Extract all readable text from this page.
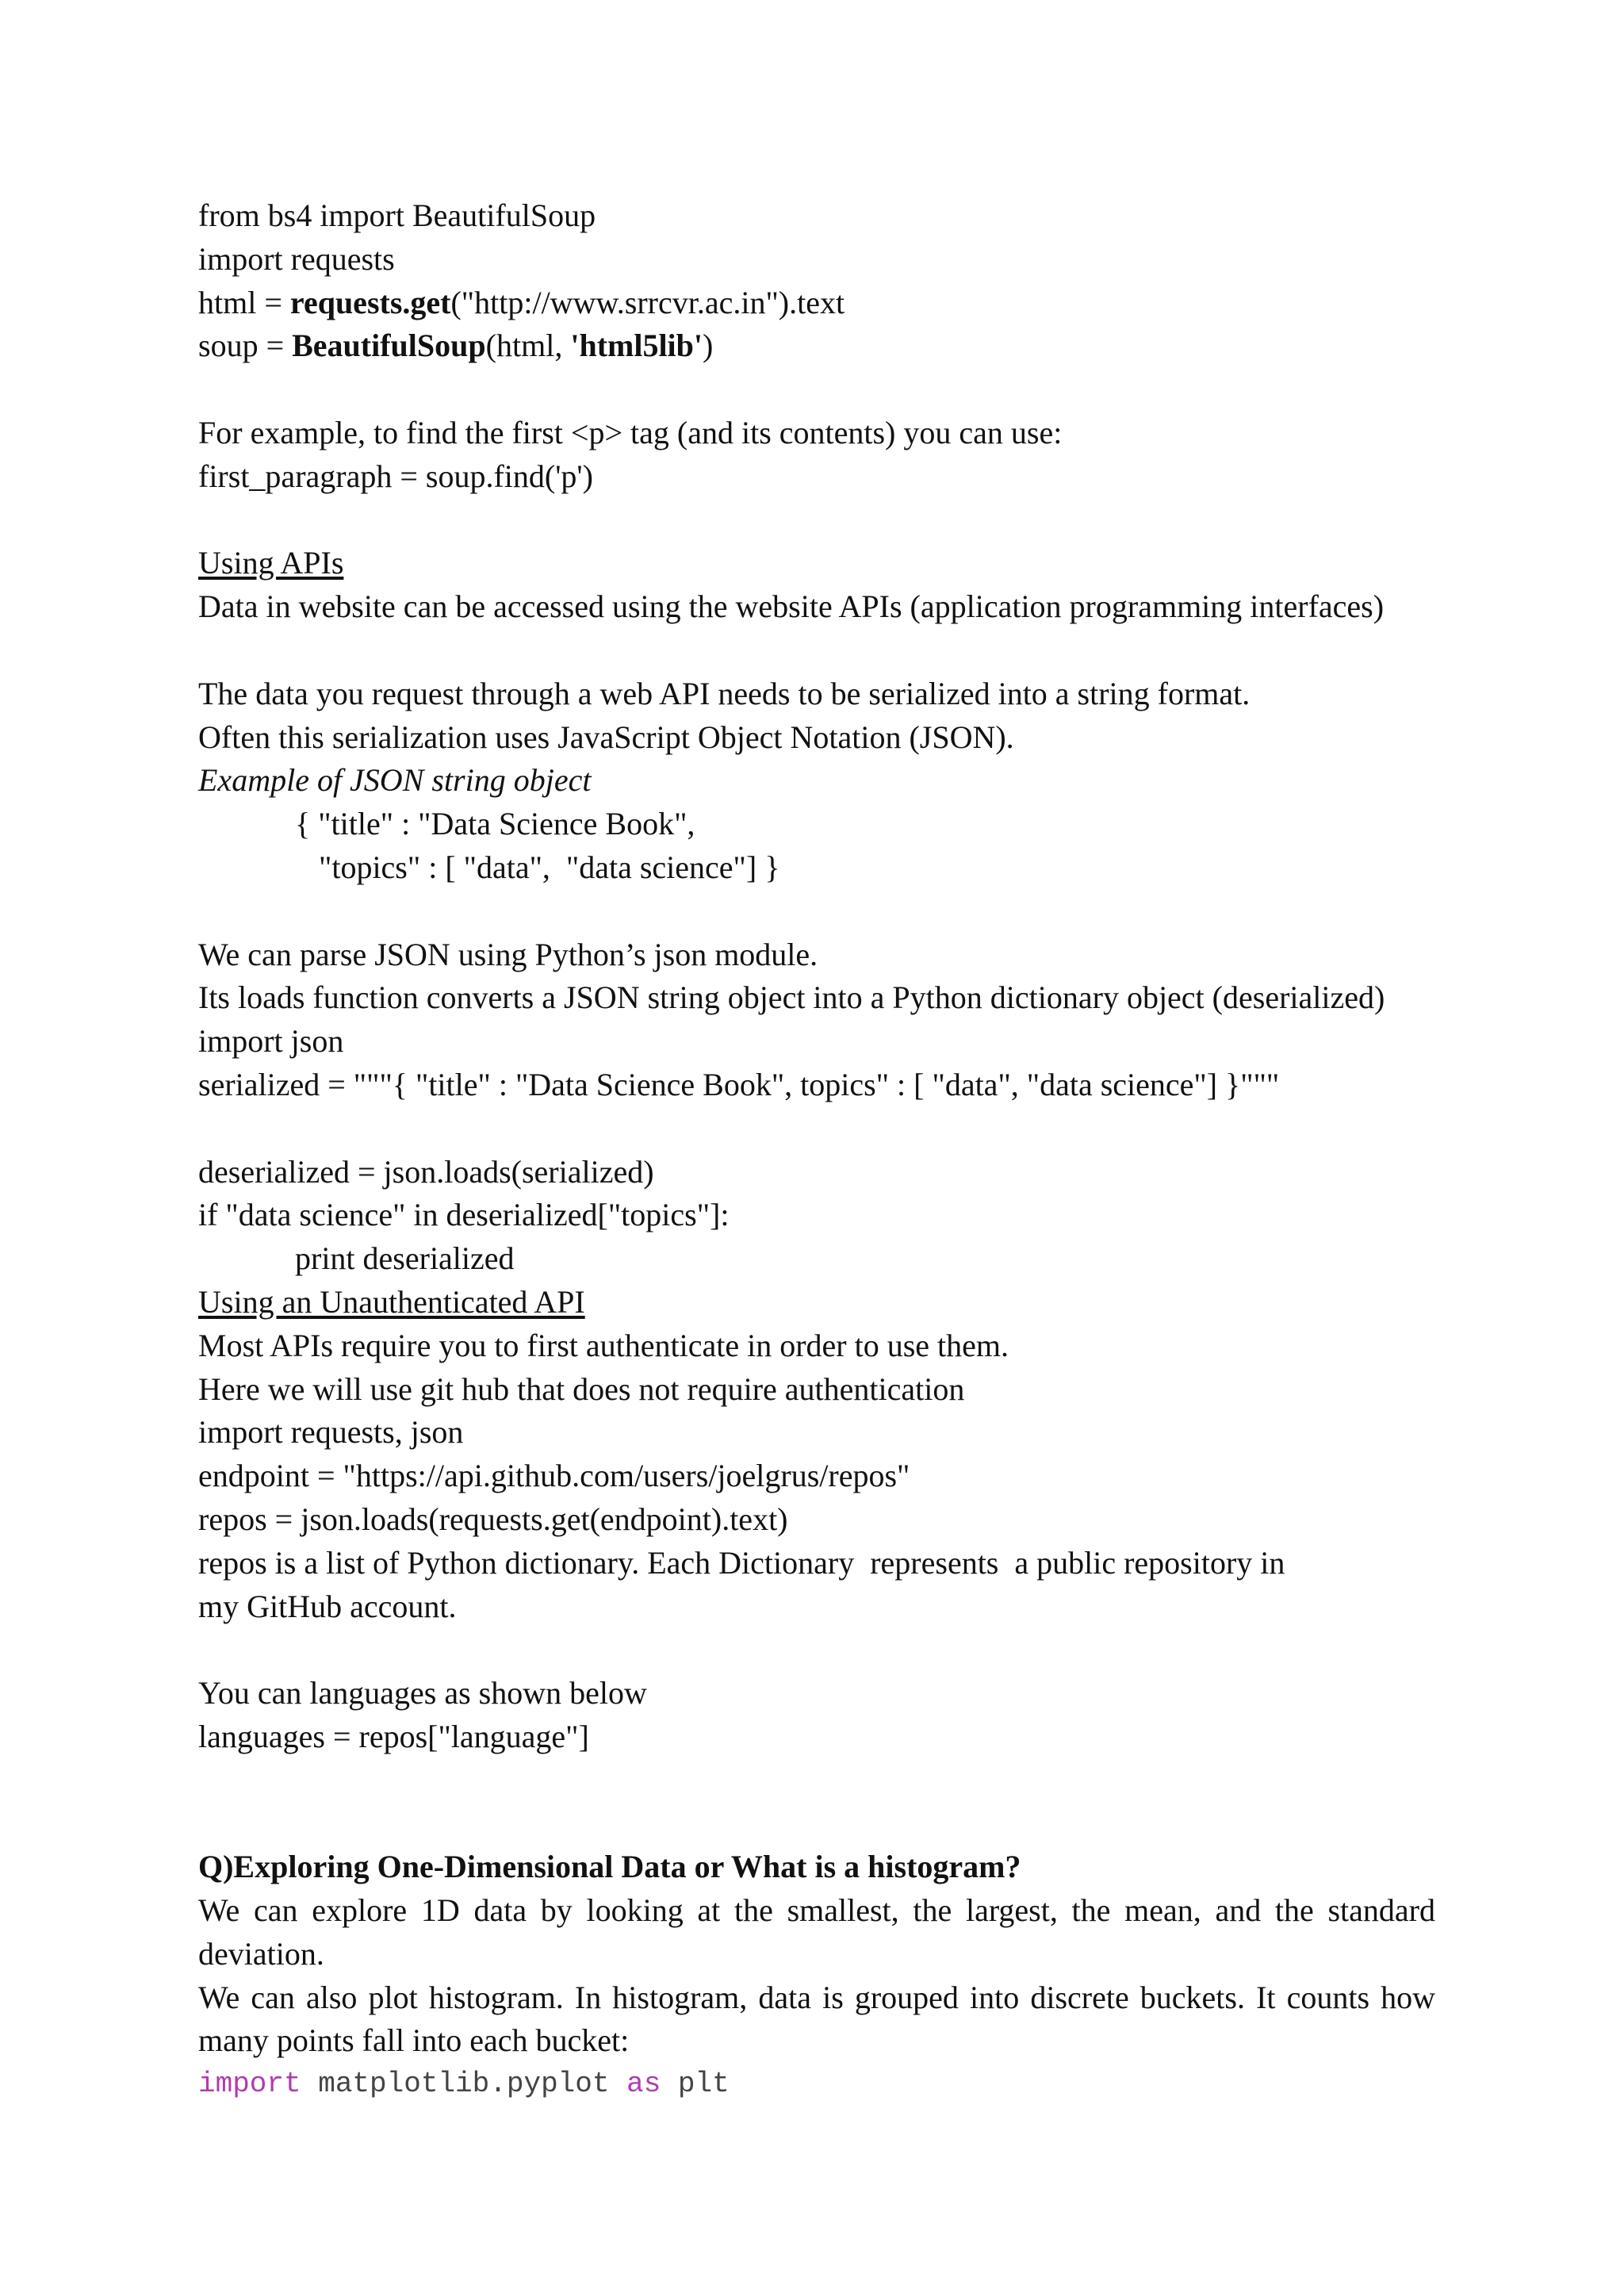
from bs4 import BeautifulSoup
import requests
html = requests.get("http://www.srrcvr.ac.in").text
soup = BeautifulSoup(html, 'html5lib')
For example, to find the first <p> tag (and its contents) you can use:
first_paragraph = soup.find('p')
Using APIs
Data in website can be accessed using the website APIs (application programming interfaces)
The data you request through a web API needs to be serialized into a string format.
Often this serialization uses JavaScript Object Notation (JSON).
Example of JSON string object
{ "title" : "Data Science Book",
"topics" : [ "data",  "data science"] }
We can parse JSON using Python’s json module.
Its loads function converts a JSON string object into a Python dictionary object (deserialized)
import json
serialized = """{ "title" : "Data Science Book", topics" : [ "data", "data science"] }"""
deserialized = json.loads(serialized)
if "data science" in deserialized["topics"]:
print deserialized
Using an Unauthenticated API
Most APIs require you to first authenticate in order to use them.
Here we will use git hub that does not require authentication
import requests, json
endpoint = "https://api.github.com/users/joelgrus/repos"
repos = json.loads(requests.get(endpoint).text)
repos is a list of Python dictionary. Each Dictionary  represents  a public repository in
my GitHub account.
You can languages as shown below
languages = repos["language"]
Q)Exploring One-Dimensional Data or What is a histogram?
We can explore 1D data by looking at the smallest, the largest, the mean, and the standard deviation.
We can also plot histogram. In histogram, data is grouped into discrete buckets. It counts how many points fall into each bucket:
import matplotlib.pyplot as plt
